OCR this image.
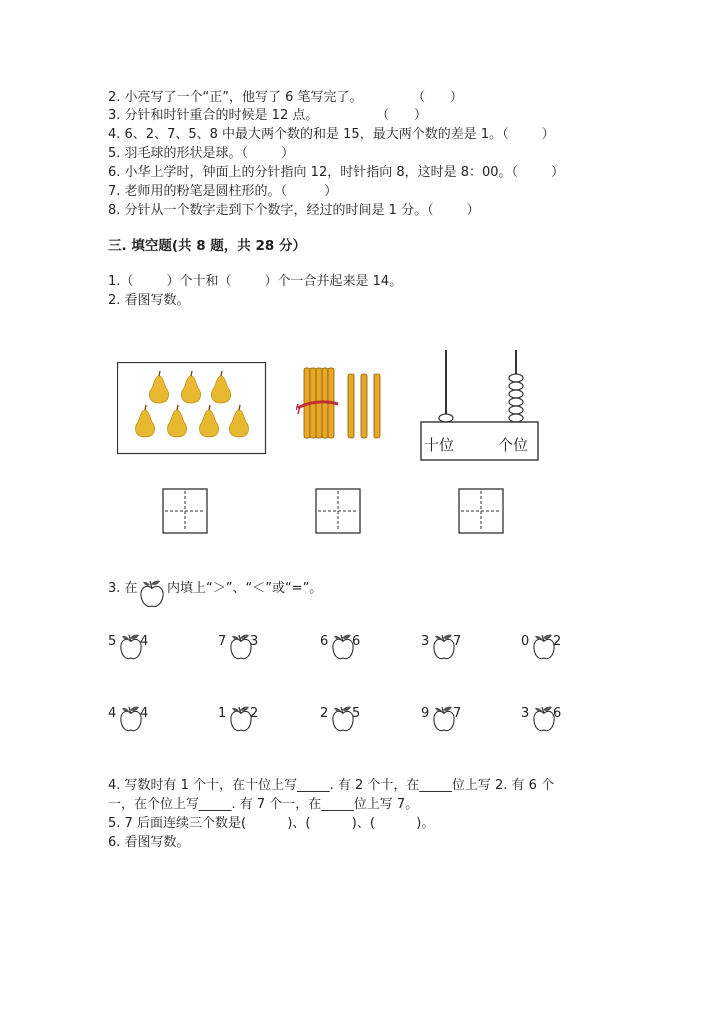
2. 小亮写了一个“正”，他写了 6 笔写完了。            （      ）
3. 分针和时针重合的时候是 12 点。              （      ）
4. 6、2、7、5、8 中最大两个数的和是 15，最大两个数的差是 1。（        ）
5. 羽毛球的形状是球。（        ）
6. 小华上学时，钟面上的分针指向 12，时针指向 8，这时是 8：00。（        ）
7. 老师用的粉笔是圆柱形的。（         ）
8. 分针从一个数字走到下个数字，经过的时间是 1 分。（        ）
三. 填空题(共 8 题，共 28 分）
1.（        ）个十和（        ）个一合并起来是 14。
2. 看图写数。
十位	个位
3. 在 内填上“＞”、“＜”或“=”。
4. 写数时有 1 个十，在十位上写_____. 有 2 个十，在_____位上写 2. 有 6 个
一，在个位上写_____. 有 7 个一，在_____位上写 7。
5. 7 后面连续三个数是(          )、(          )、(          )。
6. 看图写数。
5 4	7 3	6 6	3 7	0 2
4 4	1 2	2 5	9 7	3 6
